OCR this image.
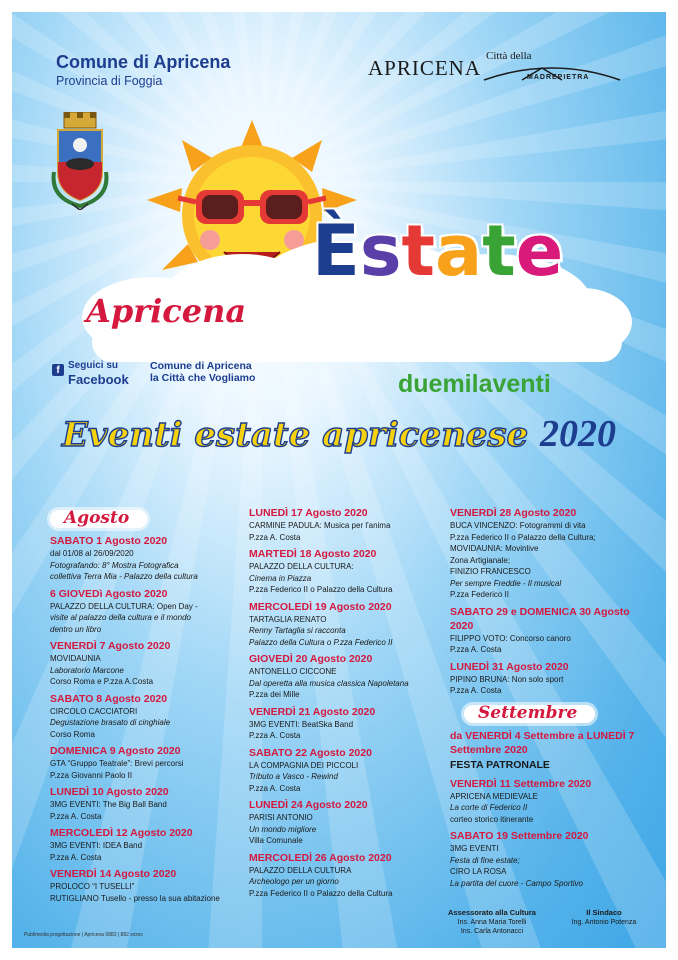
Comune di Apricena
Provincia di Foggia
APRICENA Città della
MADREPIETRA
Apricena
Èstate
duemilaventi
f Seguici su
Facebook
Comune di Apricena
la Città che Vogliamo
Eventi estate apricenese 2020
Agosto
SABATO 1 Agosto 2020
dal 01/08 al 26/09/2020
Fotografando: 8° Mostra Fotografica
collettiva Terra Mia - Palazzo della cultura
6 GIOVEDì Agosto 2020
PALAZZO DELLA CULTURA: Open Day -
visite al palazzo della cultura e il mondo
dentro un libro
VENERDÌ 7 Agosto 2020
MOVIDAUNIA
Laboratorio Marcone
Corso Roma e P.zza A.Costa
SABATO 8 Agosto 2020
CIRCOLO CACCIATORI
Degustazione brasato di cinghiale
Corso Roma
DOMENICA 9 Agosto 2020
GTA “Gruppo Teatrale”: Brevi percorsi
P.zza Giovanni Paolo II
LUNEDÌ 10 Agosto 2020
3MG EVENTI: The Big Ball Band
P.zza A. Costa
MERCOLEDÌ 12 Agosto 2020
3MG EVENTI: IDEA Band
P.zza A. Costa
VENERDÌ 14 Agosto 2020
PROLOCO “I TUSELLI”
RUTIGLIANO Tusello - presso la sua abitazione
LUNEDÌ 17 Agosto 2020
CARMINE PADULA: Musica per l'anima
P.zza A. Costa
MARTEDÌ 18 Agosto 2020
PALAZZO DELLA CULTURA:
Cinema in Piazza
P.zza Federico II o Palazzo della Cultura
MERCOLEDÌ 19 Agosto 2020
TARTAGLIA RENATO
Renny Tartaglia si racconta
Palazzo della Cultura o P.zza Federico II
GIOVEDÌ 20 Agosto 2020
ANTONELLO CICCONE
Dal operetta alla musica classica Napoletana
P.zza dei Mille
VENERDÌ 21 Agosto 2020
3MG EVENTI: BeatSka Band
P.zza A. Costa
SABATO 22 Agosto 2020
LA COMPAGNIA DEI PICCOLI
Tributo a Vasco - Rewind
P.zza A. Costa
LUNEDÌ 24 Agosto 2020
PARISI ANTONIO
Un mondo migliore
Villa Comunale
MERCOLEDÌ 26 Agosto 2020
PALAZZO DELLA CULTURA
Archeologo per un giorno
P.zza Federico II o Palazzo della Cultura
VENERDÌ 28 Agosto 2020
BUCA VINCENZO: Fotogrammi di vita
P.zza Federico II o Palazzo della Cultura;
MOVIDAUNIA: Movinlive
Zona Artigianale;
FINIZIO FRANCESCO
Per sempre Freddie - Il musical
P.zza Federico II
SABATO 29 e DOMENICA 30 Agosto 2020
FILIPPO VOTO: Concorso canoro
P.zza A. Costa
LUNEDÌ 31 Agosto 2020
PIPINO BRUNA: Non solo sport
P.zza A. Costa
Settembre
da VENERDÌ 4 Settembre a LUNEDÌ 7 Settembre 2020
FESTA PATRONALE
VENERDÌ 11 Settembre 2020
APRICENA MEDIEVALE
La corte di Federico II
corteo storico itinerante
SABATO 19 Settembre 2020
3MG EVENTI
Festa di fine estate;
CIRO LA ROSA
La partita del cuore - Campo Sportivo
Assessorato alla Cultura
Ins. Anna Maria Torelli
Ins. Carla Antonacci
Il Sindaco
Ing. Antonio Potenza
Publimedia progettazione | Apricena 0882 | 882 xxxxx
